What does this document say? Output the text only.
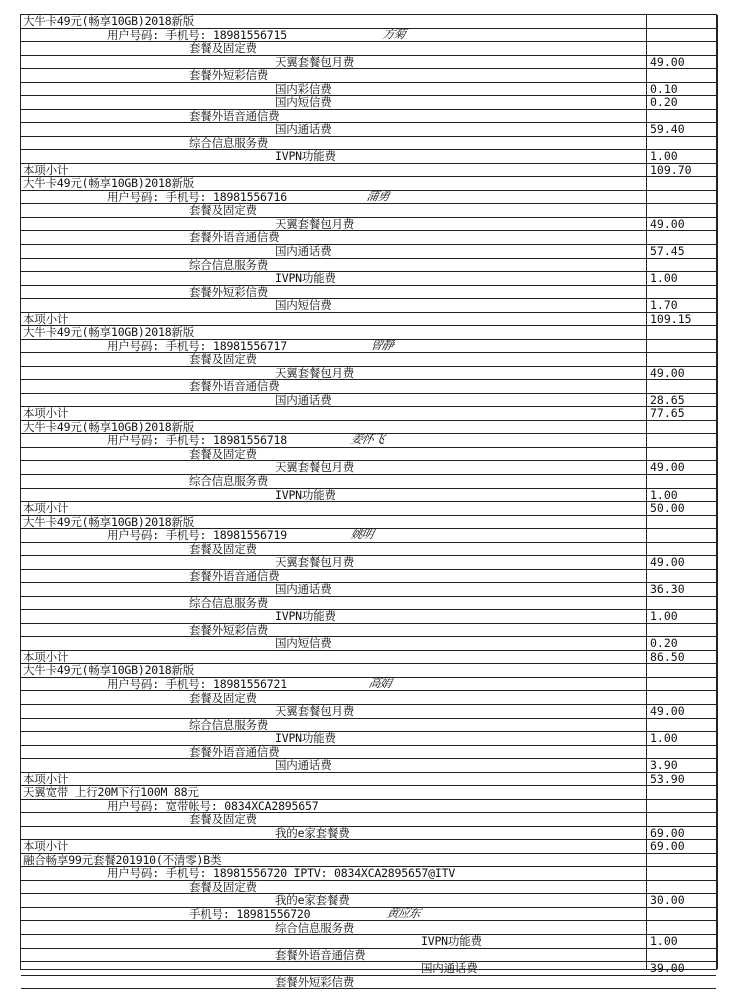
大牛卡49元(畅享10GB)2018新版
用户号码: 手机号: 18981556715	方菊
套餐及固定费
天翼套餐包月费	49.00
套餐外短彩信费
国内彩信费	0.10
国内短信费	0.20
套餐外语音通信费
国内通话费	59.40
综合信息服务费
IVPN功能费	1.00
本项小计	109.70
大牛卡49元(畅享10GB)2018新版
用户号码: 手机号: 18981556716	蒲勇
套餐及固定费
天翼套餐包月费	49.00
套餐外语音通信费
国内通话费	57.45
综合信息服务费
IVPN功能费	1.00
套餐外短彩信费
国内短信费	1.70
本项小计	109.15
大牛卡49元(畅享10GB)2018新版
用户号码: 手机号: 18981556717	曾静
套餐及固定费
天翼套餐包月费	49.00
套餐外语音通信费
国内通话费	28.65
本项小计	77.65
大牛卡49元(畅享10GB)2018新版
用户号码: 手机号: 18981556718	姜怀飞
套餐及固定费
天翼套餐包月费	49.00
综合信息服务费
IVPN功能费	1.00
本项小计	50.00
大牛卡49元(畅享10GB)2018新版
用户号码: 手机号: 18981556719	姚明
套餐及固定费
天翼套餐包月费	49.00
套餐外语音通信费
国内通话费	36.30
综合信息服务费
IVPN功能费	1.00
套餐外短彩信费
国内短信费	0.20
本项小计	86.50
大牛卡49元(畅享10GB)2018新版
用户号码: 手机号: 18981556721	高娟
套餐及固定费
天翼套餐包月费	49.00
综合信息服务费
IVPN功能费	1.00
套餐外语音通信费
国内通话费	3.90
本项小计	53.90
天翼宽带 上行20M下行100M 88元
用户号码: 宽带帐号: 0834XCA2895657
套餐及固定费
我的e家套餐费	69.00
本项小计	69.00
融合畅享99元套餐201910(不清零)B类
用户号码: 手机号: 18981556720 IPTV: 0834XCA2895657@ITV
套餐及固定费
我的e家套餐费	30.00
手机号: 18981556720	黄应东
综合信息服务费
IVPN功能费	1.00
套餐外语音通信费
国内通话费	39.00
套餐外短彩信费
